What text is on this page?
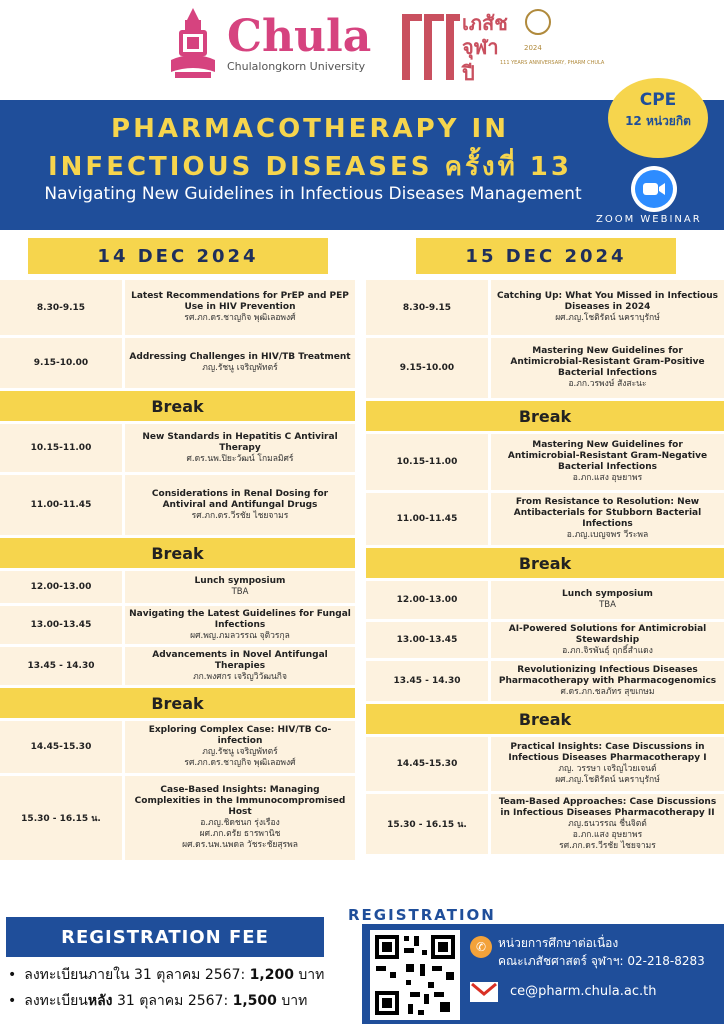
Chula
Chulalongkorn University
เภสัช
จุฬา
ปี
2024
111 YEARS ANNIVERSARY, PHARM CHULA
PHARMACOTHERAPY IN
INFECTIOUS DISEASES ครั้งที่ 13
Navigating New Guidelines in Infectious Diseases Management
CPE
12 หน่วยกิต
ZOOM WEBINAR
14 DEC 2024
8.30-9.15
Latest Recommendations for PrEP and PEP Use in HIV Prevention
รศ.ภก.ดร.ชาญกิจ พุฒิเลอพงศ์
9.15-10.00
Addressing Challenges in HIV/TB Treatment
ภญ.รัชนู เจริญพัทตร์
Break
10.15-11.00
New Standards in Hepatitis C Antiviral Therapy
ศ.ดร.นพ.ปิยะวัฒน์ โกมลมิศร์
11.00-11.45
Considerations in Renal Dosing for Antiviral and Antifungal Drugs
รศ.ภก.ดร.วีรชัย ไชยจามร
Break
12.00-13.00
Lunch symposium
TBA
13.00-13.45
Navigating the Latest Guidelines for Fungal Infections
ผศ.พญ.ภมลวรรณ จุติวรกุล
13.45 - 14.30
Advancements in Novel Antifungal Therapies
ภก.พงศกร เจริญวิวัฒนกิจ
Break
14.45-15.30
Exploring Complex Case: HIV/TB Co-infection
ภญ.รัชนู เจริญพัทตร์
รศ.ภก.ดร.ชาญกิจ พุฒิเลอพงศ์
15.30 - 16.15 น.
Case-Based Insights: Managing Complexities in the Immunocompromised Host
อ.ภญ.ชิดชนก รุ่งเรือง
ผศ.ภก.ตรัย ธารพานิช
ผศ.ดร.นพ.นพดล วัชระชัยสุรพล
15 DEC 2024
8.30-9.15
Catching Up: What You Missed in Infectious Diseases in 2024
ผศ.ภญ.โชติรัตน์ นคราบุรักษ์
9.15-10.00
Mastering New Guidelines for Antimicrobial-Resistant Gram-Positive Bacterial Infections
อ.ภก.วรพงษ์ สังสะนะ
Break
10.15-11.00
Mastering New Guidelines for Antimicrobial-Resistant Gram-Negative Bacterial Infections
อ.ภก.แสง อุษยาพร
11.00-11.45
From Resistance to Resolution: New Antibacterials for Stubborn Bacterial Infections
อ.ภญ.เบญจพร วีระพล
Break
12.00-13.00
Lunch symposium
TBA
13.00-13.45
AI-Powered Solutions for Antimicrobial Stewardship
อ.ภก.จิรพันธุ์ ฤกธิ์สำแดง
13.45 - 14.30
Revolutionizing Infectious Diseases Pharmacotherapy with Pharmacogenomics
ศ.ดร.ภก.ชลภัทร สุขเกษม
Break
14.45-15.30
Practical Insights: Case Discussions in Infectious Diseases Pharmacotherapy I
ภญ. วรรษา เจริญไวยเจนต์
ผศ.ภญ.โชติรัตน์ นคราบุรักษ์
15.30 - 16.15 น.
Team-Based Approaches: Case Discussions in Infectious Diseases Pharmacotherapy II
ภญ.ธนวรรณ ชื่นจิตต์
อ.ภก.แสง อุษยาพร
รศ.ภก.ดร.วีรชัย ไชยจามร
REGISTRATION FEE
• ลงทะเบียนภายใน 31 ตุลาคม 2567: 1,200 บาท
• ลงทะเบียนหลัง 31 ตุลาคม 2567: 1,500 บาท
REGISTRATION
✆ หน่วยการศึกษาต่อเนื่อง
คณะเภสัชศาสตร์ จุฬาฯ: 02-218-8283
ce@pharm.chula.ac.th
